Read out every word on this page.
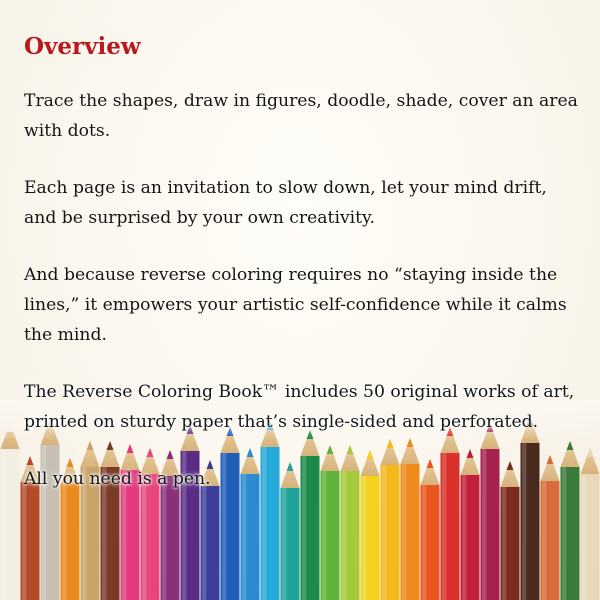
Overview

Trace the shapes, draw in figures, doodle, shade, cover an area with dots.

Each page is an invitation to slow down, let your mind drift, and be surprised by your own creativity.

And because reverse coloring requires no “staying inside the lines,” it empowers your artistic self-confidence while it calms the mind.

The Reverse Coloring Book™ includes 50 original works of art, printed on sturdy paper that’s single-sided and perforated.

All you need is a pen.
